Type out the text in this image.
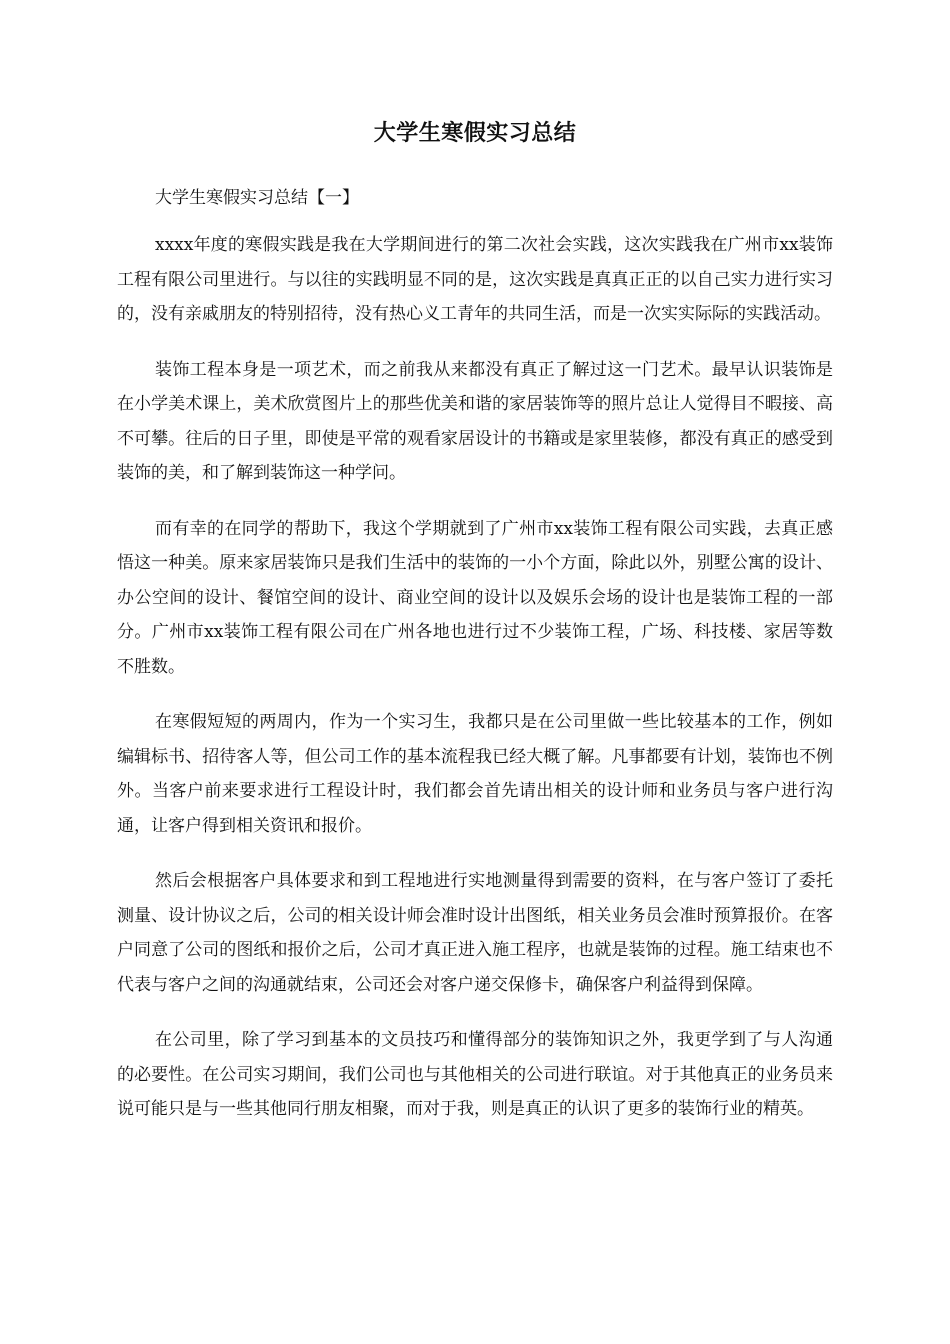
大学生寒假实习总结
大学生寒假实习总结【一】

xxxx年度的寒假实践是我在大学期间进行的第二次社会实践，这次实践我在广州市xx装饰工程有限公司里进行。与以往的实践明显不同的是，这次实践是真真正正的以自己实力进行实习的，没有亲戚朋友的特别招待，没有热心义工青年的共同生活，而是一次实实际际的实践活动。

装饰工程本身是一项艺术，而之前我从来都没有真正了解过这一门艺术。最早认识装饰是在小学美术课上，美术欣赏图片上的那些优美和谐的家居装饰等的照片总让人觉得目不暇接、高不可攀。往后的日子里，即使是平常的观看家居设计的书籍或是家里装修，都没有真正的感受到装饰的美，和了解到装饰这一种学问。

而有幸的在同学的帮助下，我这个学期就到了广州市xx装饰工程有限公司实践，去真正感悟这一种美。原来家居装饰只是我们生活中的装饰的一小个方面，除此以外，别墅公寓的设计、办公空间的设计、餐馆空间的设计、商业空间的设计以及娱乐会场的设计也是装饰工程的一部分。广州市xx装饰工程有限公司在广州各地也进行过不少装饰工程，广场、科技楼、家居等数不胜数。

在寒假短短的两周内，作为一个实习生，我都只是在公司里做一些比较基本的工作，例如编辑标书、招待客人等，但公司工作的基本流程我已经大概了解。凡事都要有计划，装饰也不例外。当客户前来要求进行工程设计时，我们都会首先请出相关的设计师和业务员与客户进行沟通，让客户得到相关资讯和报价。

然后会根据客户具体要求和到工程地进行实地测量得到需要的资料，在与客户签订了委托测量、设计协议之后，公司的相关设计师会准时设计出图纸，相关业务员会准时预算报价。在客户同意了公司的图纸和报价之后，公司才真正进入施工程序，也就是装饰的过程。施工结束也不代表与客户之间的沟通就结束，公司还会对客户递交保修卡，确保客户利益得到保障。

在公司里，除了学习到基本的文员技巧和懂得部分的装饰知识之外，我更学到了与人沟通的必要性。在公司实习期间，我们公司也与其他相关的公司进行联谊。对于其他真正的业务员来说可能只是与一些其他同行朋友相聚，而对于我，则是真正的认识了更多的装饰行业的精英。
